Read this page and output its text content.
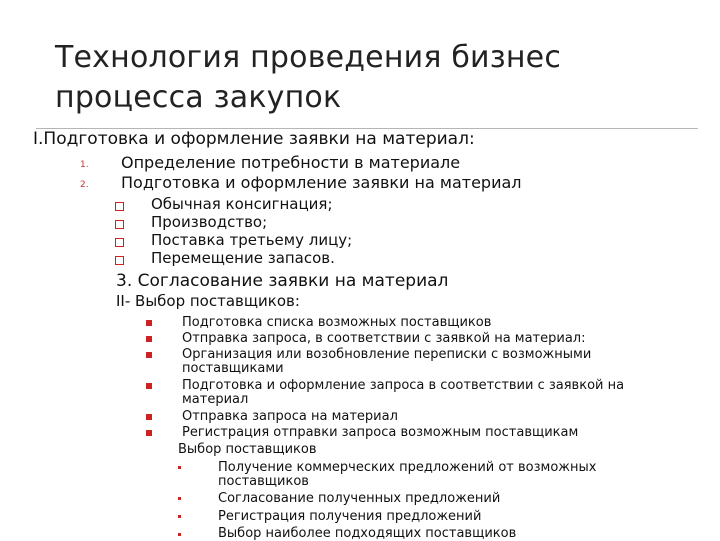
Технология проведения бизнес
процесса закупок
I.Подготовка и оформление заявки на материал:
1. Определение потребности в материале
2. Подготовка и оформление заявки на материал
Обычная консигнация;
Производство;
Поставка третьему лицу;
Перемещение запасов.
3. Согласование заявки на материал
II- Выбор поставщиков:
Подготовка списка возможных поставщиков
Отправка запроса, в соответствии с заявкой на материал:
Организация или возобновление переписки с возможными
поставщиками
Подготовка и оформление запроса в соответствии с заявкой на
материал
Отправка запроса на материал
Регистрация отправки запроса возможным поставщикам
Выбор поставщиков
Получение коммерческих предложений от возможных
поставщиков
Согласование полученных предложений
Регистрация получения предложений
Выбор наиболее подходящих поставщиков
